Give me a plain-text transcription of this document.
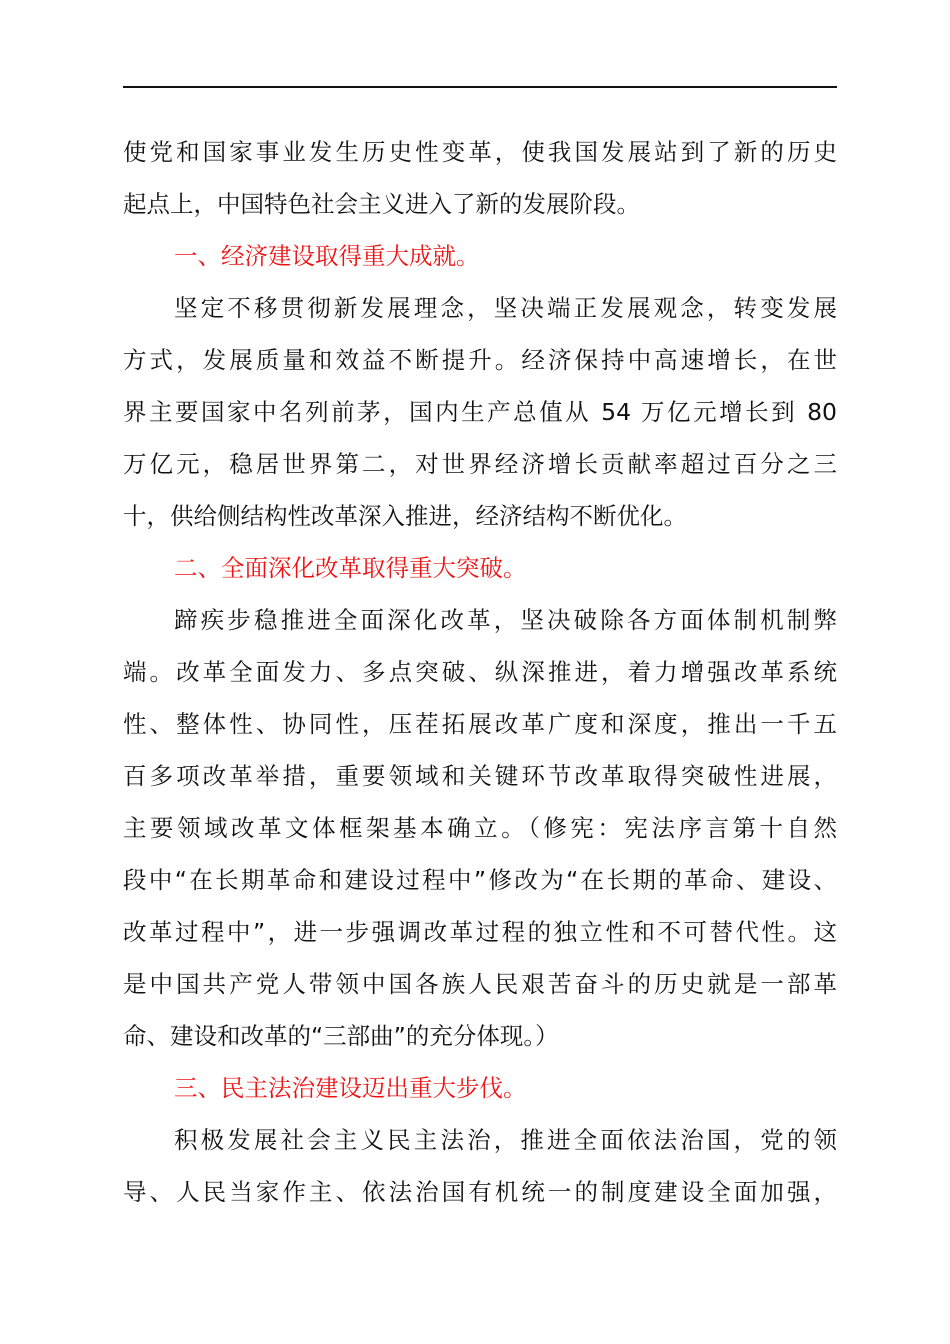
使党和国家事业发生历史性变革，使我国发展站到了新的历史
起点上，中国特色社会主义进入了新的发展阶段。
一、经济建设取得重大成就。
坚定不移贯彻新发展理念，坚决端正发展观念，转变发展
方式，发展质量和效益不断提升。经济保持中高速增长，在世
界主要国家中名列前茅，国内生产总值从 54 万亿元增长到 80
万亿元，稳居世界第二，对世界经济增长贡献率超过百分之三
十，供给侧结构性改革深入推进，经济结构不断优化。
二、全面深化改革取得重大突破。
蹄疾步稳推进全面深化改革，坚决破除各方面体制机制弊
端。改革全面发力、多点突破、纵深推进，着力增强改革系统
性、整体性、协同性，压茬拓展改革广度和深度，推出一千五
百多项改革举措，重要领域和关键环节改革取得突破性进展，
主要领域改革文体框架基本确立。（修宪：宪法序言第十自然
段中“在长期革命和建设过程中”修改为“在长期的革命、建设、
改革过程中”，进一步强调改革过程的独立性和不可替代性。这
是中国共产党人带领中国各族人民艰苦奋斗的历史就是一部革
命、建设和改革的“三部曲”的充分体现。）
三、民主法治建设迈出重大步伐。
积极发展社会主义民主法治，推进全面依法治国，党的领
导、人民当家作主、依法治国有机统一的制度建设全面加强，
